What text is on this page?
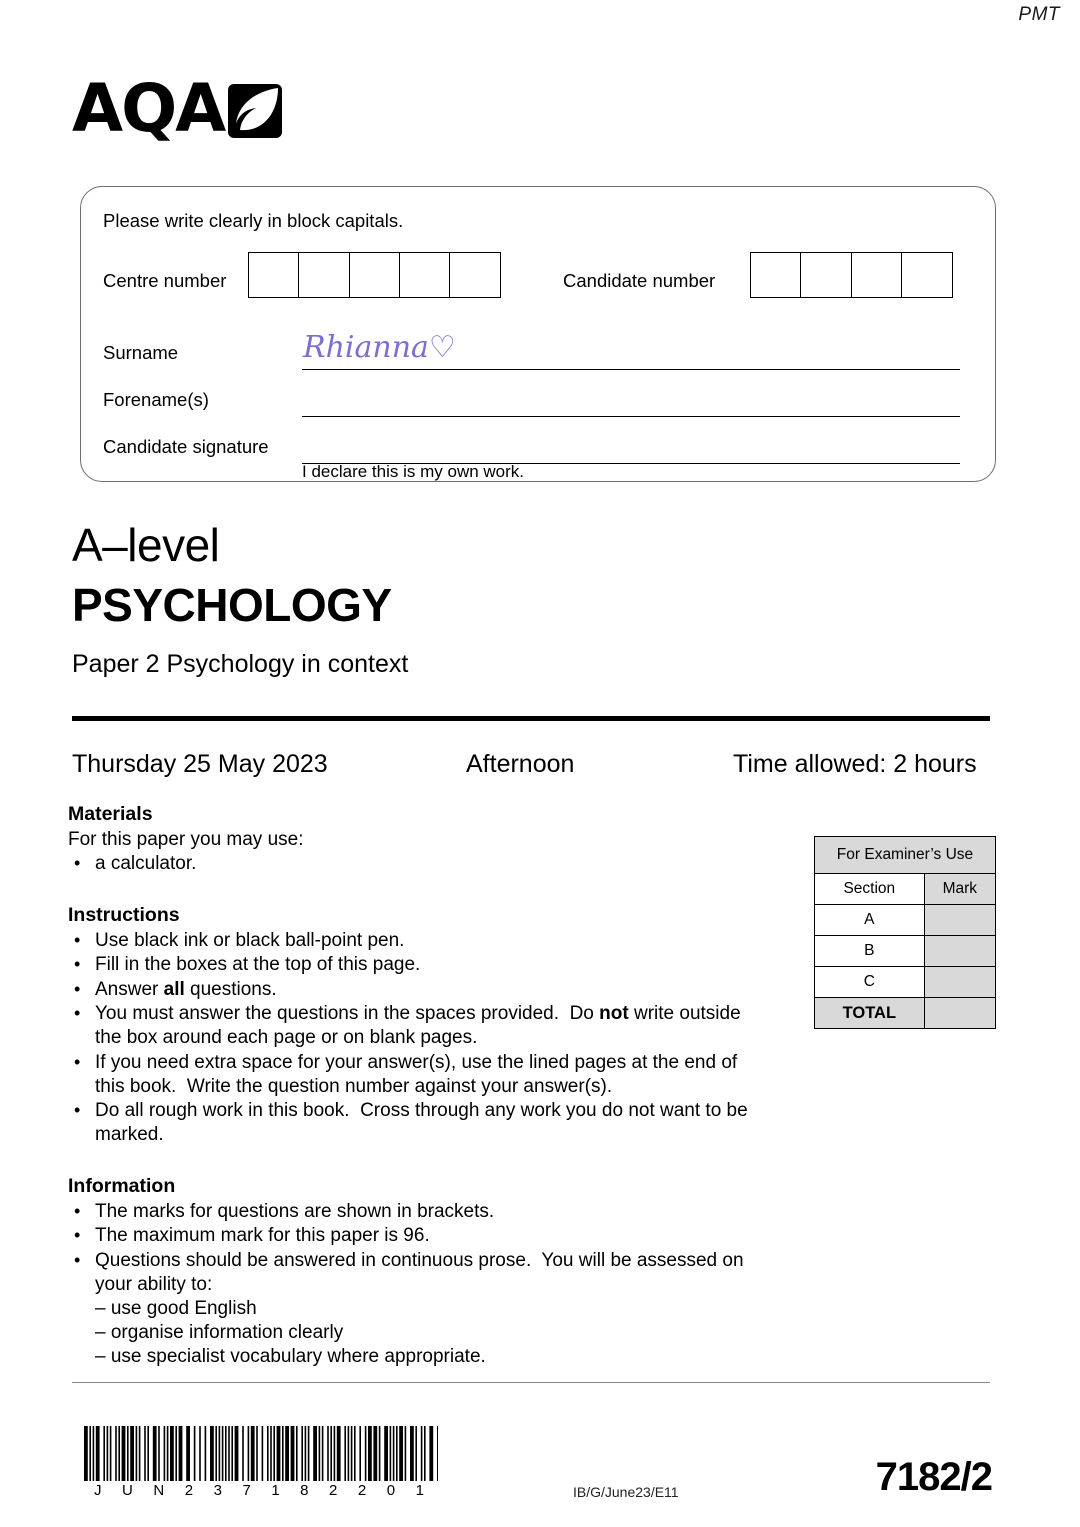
PMT
AQA
Please write clearly in block capitals.
Centre number	Candidate number
Surname	Rhianna♡
Forename(s)
Candidate signature
I declare this is my own work.
A–level
PSYCHOLOGY
Paper 2 Psychology in context
Thursday 25 May 2023	Afternoon	Time allowed: 2 hours
Materials

For this paper you may use:

• a calculator.
Instructions
• Use black ink or black ball-point pen.
• Fill in the boxes at the top of this page.
• Answer all questions.
• You must answer the questions in the spaces provided.  Do not write outside the box around each page or on blank pages.
• If you need extra space for your answer(s), use the lined pages at the end of this book.  Write the question number against your answer(s).
• Do all rough work in this book.  Cross through any work you do not want to be marked.
Information
• The marks for questions are shown in brackets.
• The maximum mark for this paper is 96.
• Questions should be answered in continuous prose.  You will be assessed on your ability to:
– use good English
– organise information clearly
– use specialist vocabulary where appropriate.
For Examiner’s Use	
Section	Mark
A	
B	
C	
TOTAL	
J U N 2 3 7 1 8 2 2 0 1	IB/G/June23/E11	7182/2
